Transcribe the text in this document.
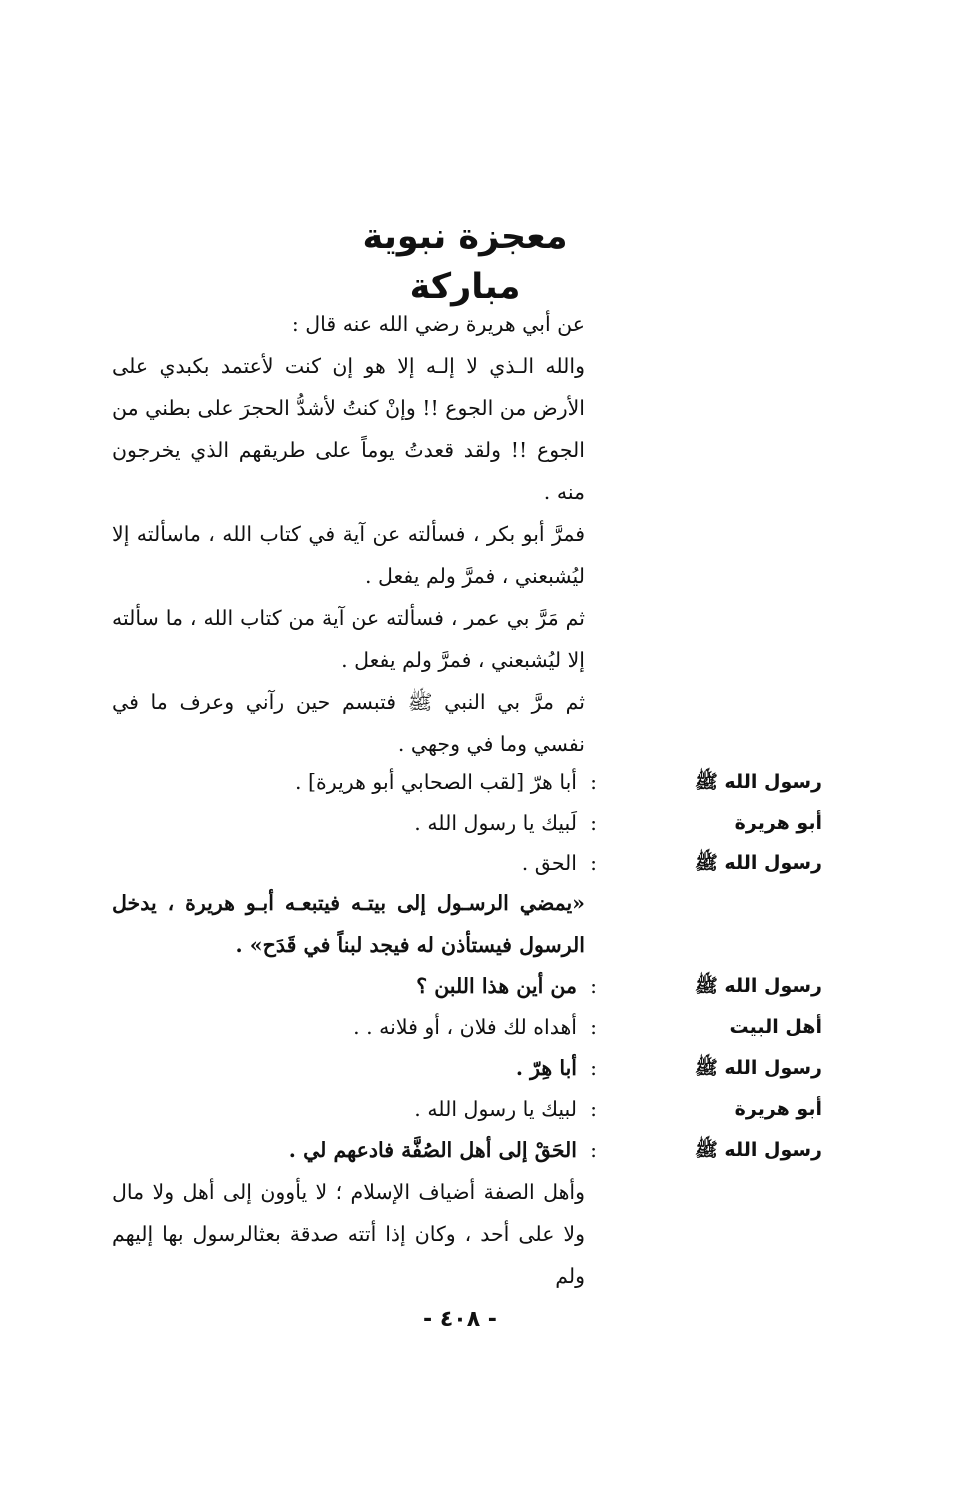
معجزة نبوية مباركة

عن أبي هريرة رضي الله عنه قال :

والله الـذي لا إلـه إلا هو إن كنت لأعتمد بكبدي على الأرض من الجوع !! وإنْ كنتُ لأشدُّ الحجرَ على بطني من الجوع !! ولقد قعدتُ يوماً على طريقهم الذي يخرجون منه .

فمرَّ أبو بكر ، فسألته عن آية في كتاب الله ، ماسألته إلا ليُشبعني ، فمرَّ ولم يفعل .

ثم مَرَّ بي عمر ، فسألته عن آية من كتاب الله ، ما سألته إلا ليُشبعني ، فمرَّ ولم يفعل .

ثم مرَّ بي النبي ﷺ فتبسم حين رآني وعرف ما في نفسي وما في وجهي .

رسول الله ﷺ
:
أبا هرّ [لقب الصحابي أبو هريرة] .
أبو هريرة
:
لَبيك يا رسول الله .
رسول الله ﷺ
:
الحق .

«يمضي الرسـول إلى بيتـه فيتبعـه أبـو هريرة ، يدخل الرسول فيستأذن له فيجد لبناً في قَدَح» .

رسول الله ﷺ
:
من أين هذا اللبن ؟
أهل البيت
:
أهداه لك فلان ، أو فلانه . .
رسول الله ﷺ
:
أبا هِرّ .
أبو هريرة
:
لبيك يا رسول الله .
رسول الله ﷺ
:
الحَقْ إلى أهل الصُفَّة فادعهم لي .

وأهل الصفة أضياف الإسلام ؛ لا يأوون إلى أهل ولا مال ولا على أحد ، وكان إذا أتته صدقة بعثالرسول بها إليهم ولم

- ٤٠٨ -
